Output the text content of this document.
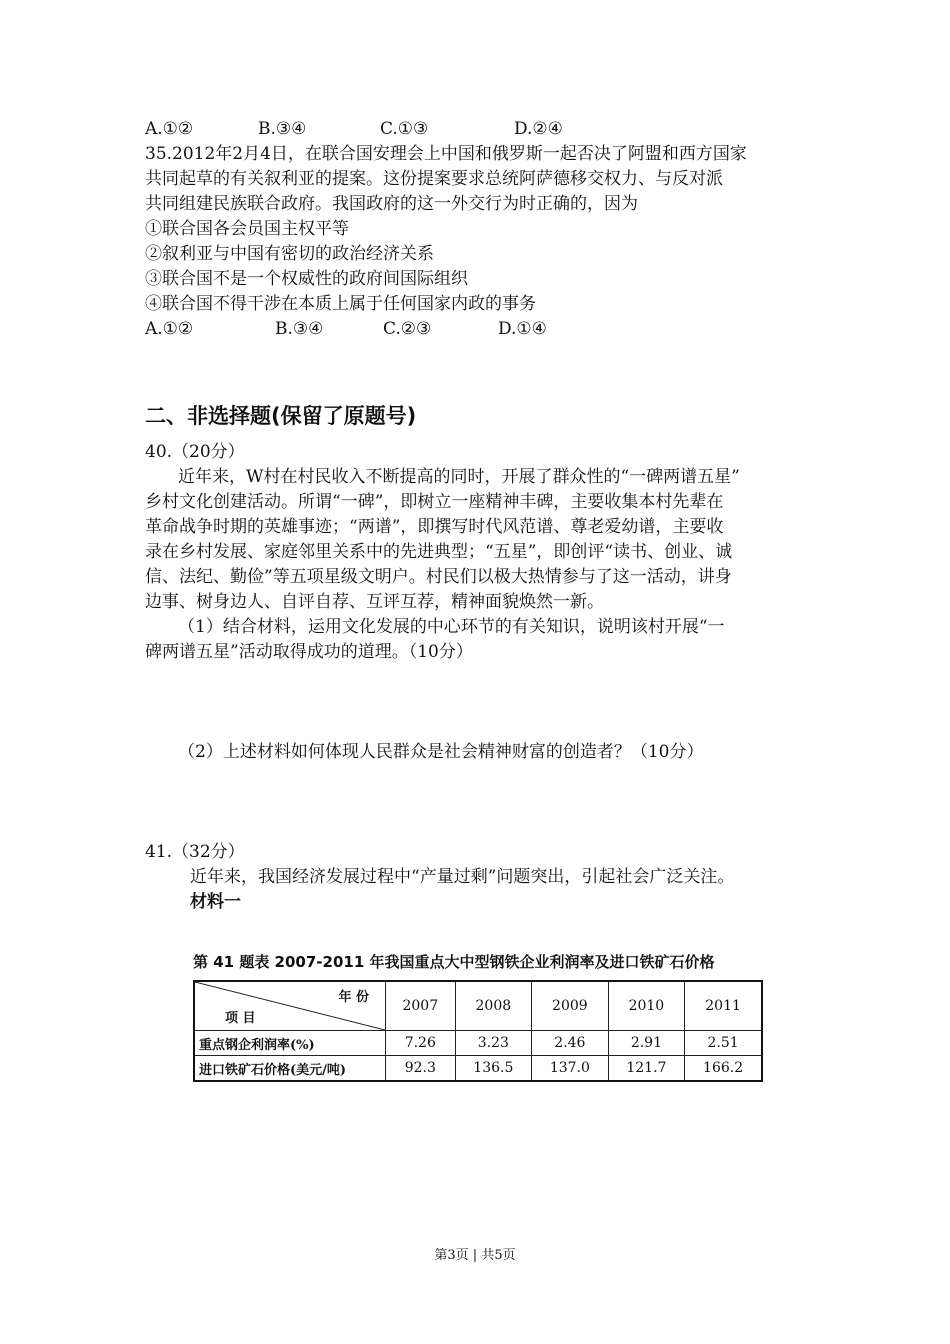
A.①②	B.③④	C.①③	D.②④
35.2012年2月4日，在联合国安理会上中国和俄罗斯一起否决了阿盟和西方国家
共同起草的有关叙利亚的提案。这份提案要求总统阿萨德移交权力、与反对派
共同组建民族联合政府。我国政府的这一外交行为时正确的，因为
①联合国各会员国主权平等
②叙利亚与中国有密切的政治经济关系
③联合国不是一个权威性的政府间国际组织
④联合国不得干涉在本质上属于任何国家内政的事务
A.①②	B.③④	C.②③	D.①④
二、非选择题(保留了原题号)
40.（20分）
近年来，W村在村民收入不断提高的同时，开展了群众性的“一碑两谱五星”
乡村文化创建活动。所谓“一碑”，即树立一座精神丰碑，主要收集本村先辈在
革命战争时期的英雄事迹；“两谱”，即撰写时代风范谱、尊老爱幼谱，主要收
录在乡村发展、家庭邻里关系中的先进典型；“五星”，即创评“读书、创业、诚
信、法纪、勤俭”等五项星级文明户。村民们以极大热情参与了这一活动，讲身
边事、树身边人、自评自荐、互评互荐，精神面貌焕然一新。
（1）结合材料，运用文化发展的中心环节的有关知识，说明该村开展“一
碑两谱五星”活动取得成功的道理。（10分）
（2）上述材料如何体现人民群众是社会精神财富的创造者？（10分）
41.（32分）
近年来，我国经济发展过程中“产量过剩”问题突出，引起社会广泛关注。
材料一
第 41 题表 2007-2011 年我国重点大中型钢铁企业利润率及进口铁矿石价格
年 份
项 目	2007	2008	2009	2010	2011
重点钢企利润率(%)	7.26	3.23	2.46	2.91	2.51
进口铁矿石价格(美元/吨)	92.3	136.5	137.0	121.7	166.2
第3页 | 共5页
